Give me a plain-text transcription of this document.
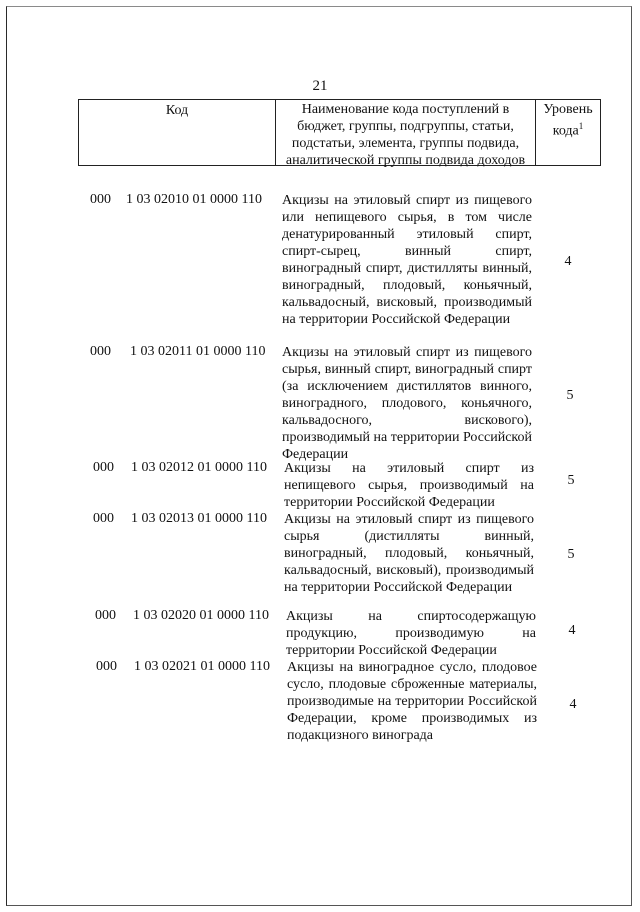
21
Код	Наименование кода поступлений в бюджет, группы, подгруппы, статьи, подстатьи, элемента, группы подвида, аналитической группы подвида доходов
Уровень кода$^1$
000 1 03 02010 01 0000 110 Акцизы на этиловый спирт из пищевого или непищевого сырья, в том числе денатурированный этиловый спирт, спирт-сырец, винный спирт, виноградный спирт, дистилляты винный, виноградный, плодовый, коньячный, кальвадосный, висковый, производимый на территории Российской Федерации
4
000 1 03 02011 01 0000 110 Акцизы на этиловый спирт из пищевого сырья, винный спирт, виноградный спирт (за исключением дистиллятов винного, виноградного, плодового, коньячного, кальвадосного, вискового), производимый на территории Российской Федерации
5
000 1 03 02012 01 0000 110 Акцизы на этиловый спирт из непищевого сырья, производимый на территории Российской Федерации
5
000 1 03 02013 01 0000 110 Акцизы на этиловый спирт из пищевого сырья (дистилляты винный, виноградный, плодовый, коньячный, кальвадосный, висковый), производимый на территории Российской Федерации
5
000 1 03 02020 01 0000 110 Акцизы на спиртосодержащую продукцию, производимую на территории Российской Федерации
4
000 1 03 02021 01 0000 110 Акцизы на виноградное сусло, плодовое сусло, плодовые сброженные материалы, производимые на территории Российской Федерации, кроме производимых из подакцизного винограда
4
